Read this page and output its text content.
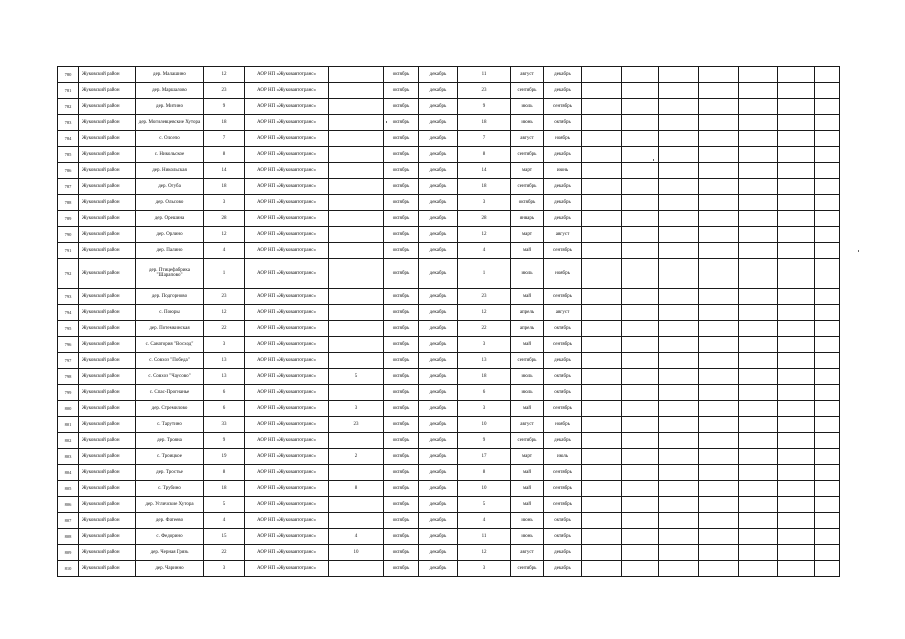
780	Жуковский район	дер. Малашино	12	АОР НП «Жуковавтотранс»		октябрь	декабрь	11	август	декабрь							
781	Жуковский район	дер. Маршалово	23	АОР НП «Жуковавтотранс»		октябрь	декабрь	23	сентябрь	декабрь							
782	Жуковский район	дер. Митино	9	АОР НП «Жуковавтотранс»		октябрь	декабрь	9	июль	сентябрь							
783	Жуковский район	дер. Могилевцевские Хутора	18	АОР НП «Жуковавтотранс»		октябрь	декабрь	18	июнь	октябрь							
784	Жуковский район	с. Олсепо	7	АОР НП «Жуковавтотранс»		октябрь	декабрь	7	август	ноябрь							
785	Жуковский район	с. Никольское	8	АОР НП «Жуковавтотранс»		октябрь	декабрь	8	сентябрь	декабрь							
786	Жуковский район	дер. Никольская	14	АОР НП «Жуковавтотранс»		октябрь	декабрь	14	март	июнь							
787	Жуковский район	дер. Огуба	18	АОР НП «Жуковавтотранс»		октябрь	декабрь	18	сентябрь	декабрь							
788	Жуковский район	дер. Ольсово	3	АОР НП «Жуковавтотранс»		октябрь	декабрь	3	октябрь	декабрь							
789	Жуковский район	дер. Орешина	28	АОР НП «Жуковавтотранс»		октябрь	декабрь	28	январь	декабрь							
790	Жуковский район	дер. Орлино	12	АОР НП «Жуковавтотранс»		октябрь	декабрь	12	март	август							
791	Жуковский район	дер. Палино	4	АОР НП «Жуковавтотранс»		октябрь	декабрь	4	май	сентябрь							
792	Жуковский район	дер. Птицефабрика "Шарапово"	1	АОР НП «Жуковавтотранс»		октябрь	декабрь	1	июль	ноябрь							
793	Жуковский район	дер. Подгорново	23	АОР НП «Жуковавтотранс»		октябрь	декабрь	23	май	сентябрь							
794	Жуковский район	с. Поюры	12	АОР НП «Жуковавтотранс»		октябрь	декабрь	12	апрель	август							
795	Жуковский район	дер. Потемкинская	22	АОР НП «Жуковавтотранс»		октябрь	декабрь	22	апрель	октябрь							
796	Жуковский район	с. Санатория "Восход"	3	АОР НП «Жуковавтотранс»		октябрь	декабрь	3	май	сентябрь							
797	Жуковский район	с. Совхоз "Победа"	13	АОР НП «Жуковавтотранс»		октябрь	декабрь	13	сентябрь	декабрь							
798	Жуковский район	с. Совхоз "Чаусово"	13	АОР НП «Жуковавтотранс»	5	октябрь	декабрь	18	июль	октябрь							
799	Жуковский район	с. Спас-Прогнанье	6	АОР НП «Жуковавтотранс»		октябрь	декабрь	6	июль	октябрь							
800	Жуковский район	дер. Стремилово	6	АОР НП «Жуковавтотранс»	3	октябрь	декабрь	3	май	сентябрь							
801	Жуковский район	с. Тарутино	33	АОР НП «Жуковавтотранс»	23	октябрь	декабрь	10	август	ноябрь							
802	Жуковский район	дер. Трояна	9	АОР НП «Жуковавтотранс»		октябрь	декабрь	9	сентябрь	декабрь							
803	Жуковский район	с. Троицкое	19	АОР НП «Жуковавтотранс»	2	октябрь	декабрь	17	март	июль							
804	Жуковский район	дер. Тростье	8	АОР НП «Жуковавтотранс»		октябрь	декабрь	8	май	сентябрь							
805	Жуковский район	с. Трубино	18	АОР НП «Жуковавтотранс»	8	октябрь	декабрь	10	май	сентябрь							
806	Жуковский район	дер. Угличские Хутора	5	АОР НП «Жуковавтотранс»		октябрь	декабрь	5	май	сентябрь							
807	Жуковский район	дер. Фатеево	4	АОР НП «Жуковавтотранс»		октябрь	декабрь	4	июнь	октябрь							
808	Жуковский район	с. Федорино	15	АОР НП «Жуковавтотранс»	4	октябрь	декабрь	11	июнь	октябрь							
809	Жуковский район	дер. Черная Грязь	22	АОР НП «Жуковавтотранс»	10	октябрь	декабрь	12	август	декабрь							
810	Жуковский район	дер. Чаринно	3	АОР НП «Жуковавтотранс»		октябрь	декабрь	3	сентябрь	декабрь							
